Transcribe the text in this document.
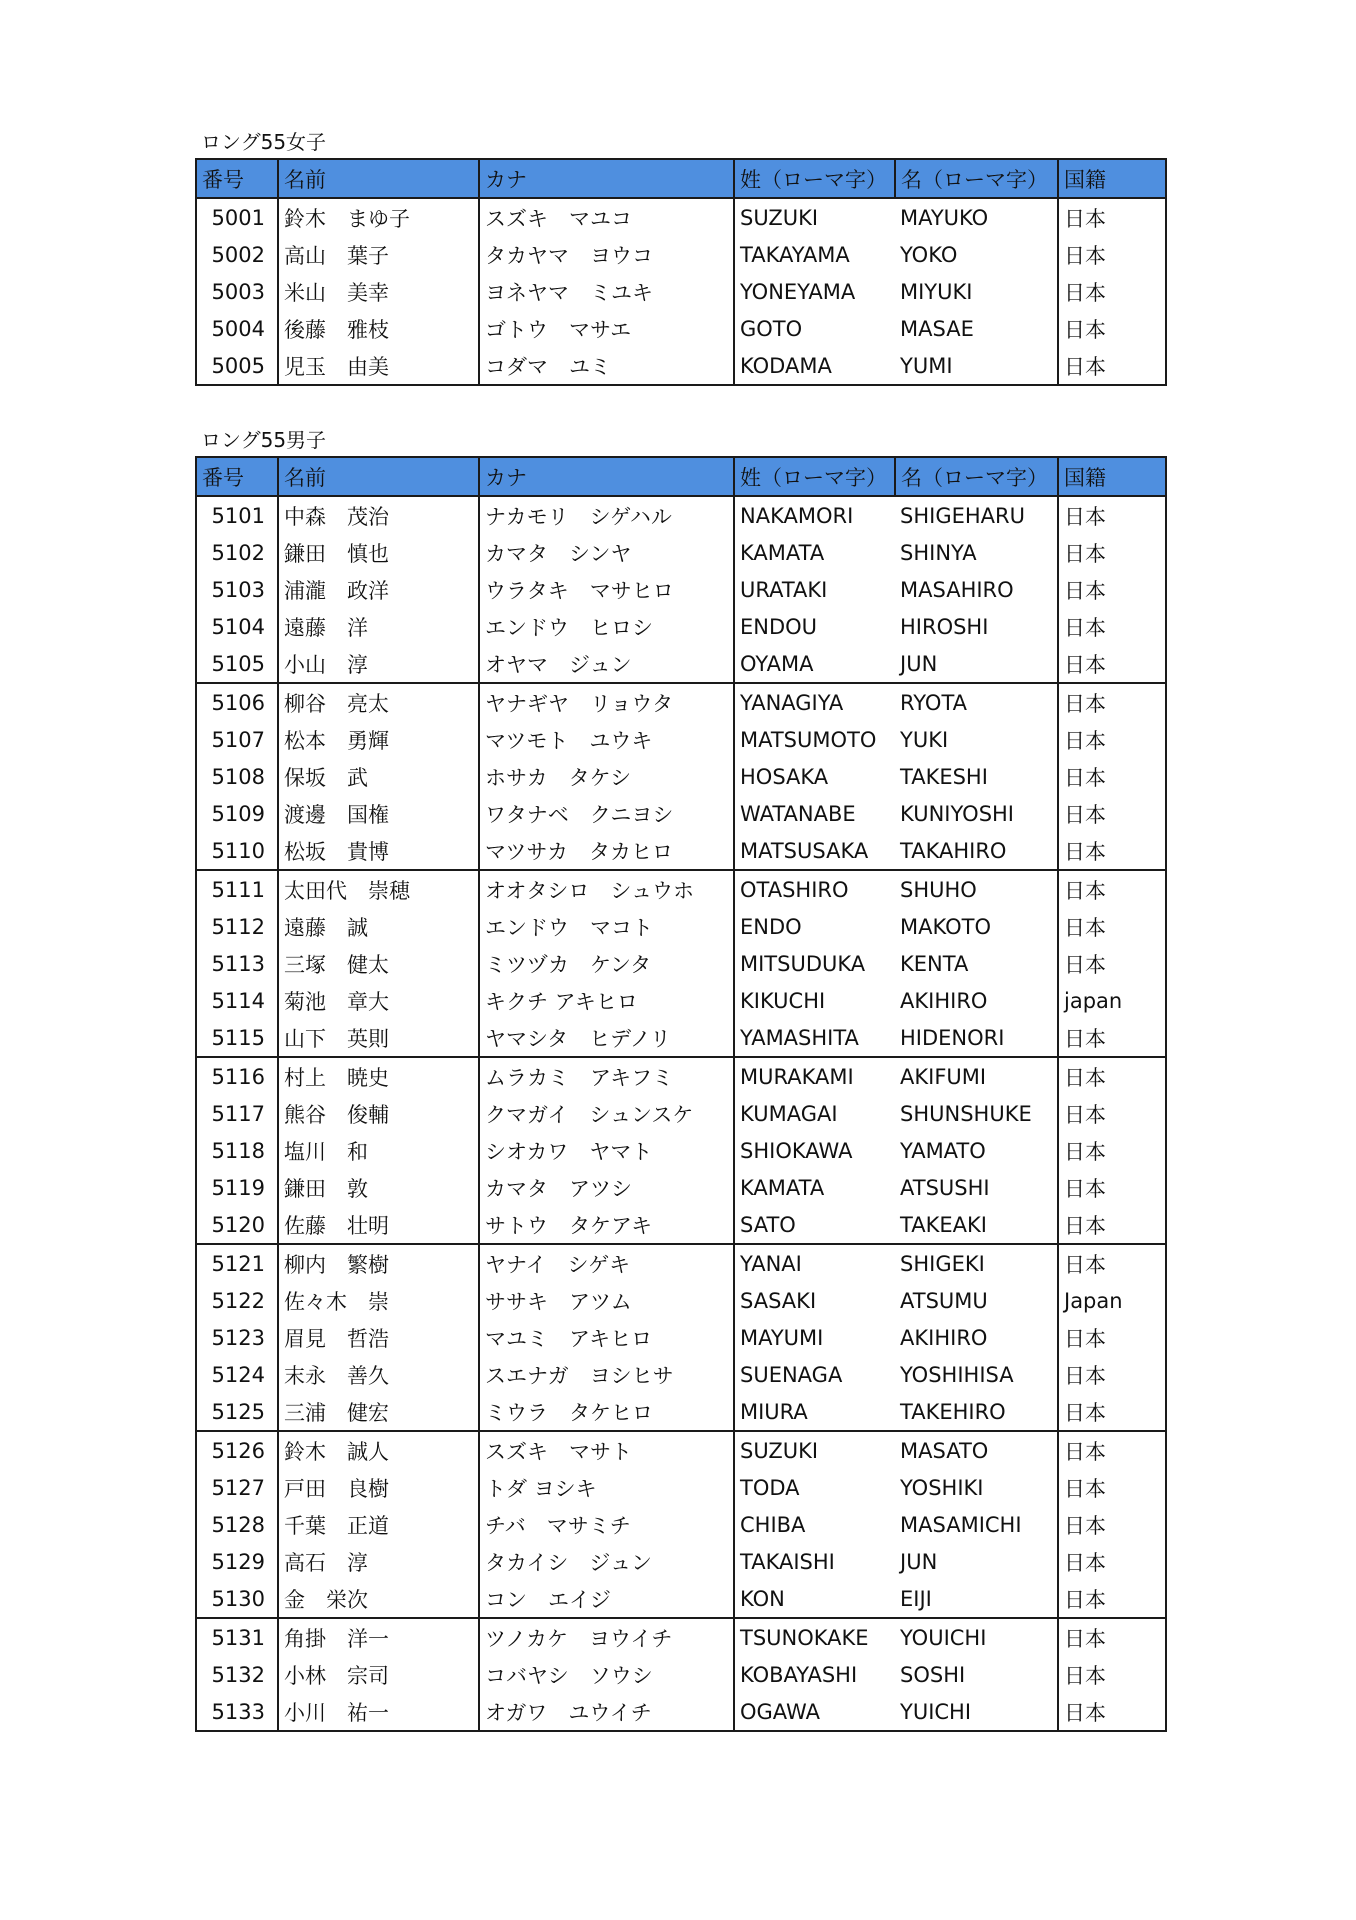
ロング55女子
番号	名前	カナ	姓（ローマ字）	名（ローマ字）	国籍
5001	鈴木　まゆ子	スズキ　マユコ	SUZUKI	MAYUKO	日本
5002	高山　葉子	タカヤマ　ヨウコ	TAKAYAMA	YOKO	日本
5003	米山　美幸	ヨネヤマ　ミユキ	YONEYAMA	MIYUKI	日本
5004	後藤　雅枝	ゴトウ　マサエ	GOTO	MASAE	日本
5005	児玉　由美	コダマ　ユミ	KODAMA	YUMI	日本
ロング55男子
番号	名前	カナ	姓（ローマ字）	名（ローマ字）	国籍
5101	中森　茂治	ナカモリ　シゲハル	NAKAMORI	SHIGEHARU	日本
5102	鎌田　慎也	カマタ　シンヤ	KAMATA	SHINYA	日本
5103	浦瀧　政洋	ウラタキ　マサヒロ	URATAKI	MASAHIRO	日本
5104	遠藤　洋	エンドウ　ヒロシ	ENDOU	HIROSHI	日本
5105	小山　淳	オヤマ　ジュン	OYAMA	JUN	日本
5106	柳谷　亮太	ヤナギヤ　リョウタ	YANAGIYA	RYOTA	日本
5107	松本　勇輝	マツモト　ユウキ	MATSUMOTO	YUKI	日本
5108	保坂　武	ホサカ　タケシ	HOSAKA	TAKESHI	日本
5109	渡邊　国権	ワタナベ　クニヨシ	WATANABE	KUNIYOSHI	日本
5110	松坂　貴博	マツサカ　タカヒロ	MATSUSAKA	TAKAHIRO	日本
5111	太田代　崇穂	オオタシロ　シュウホ	OTASHIRO	SHUHO	日本
5112	遠藤　誠	エンドウ　マコト	ENDO	MAKOTO	日本
5113	三塚　健太	ミツヅカ　ケンタ	MITSUDUKA	KENTA	日本
5114	菊池　章大	キクチ アキヒロ	KIKUCHI	AKIHIRO	japan
5115	山下　英則	ヤマシタ　ヒデノリ	YAMASHITA	HIDENORI	日本
5116	村上　暁史	ムラカミ　アキフミ	MURAKAMI	AKIFUMI	日本
5117	熊谷　俊輔	クマガイ　シュンスケ	KUMAGAI	SHUNSHUKE	日本
5118	塩川　和	シオカワ　ヤマト	SHIOKAWA	YAMATO	日本
5119	鎌田　敦	カマタ　アツシ	KAMATA	ATSUSHI	日本
5120	佐藤　壮明	サトウ　タケアキ	SATO	TAKEAKI	日本
5121	柳内　繁樹	ヤナイ　シゲキ	YANAI	SHIGEKI	日本
5122	佐々木　崇	ササキ　アツム	SASAKI	ATSUMU	Japan
5123	眉見　哲浩	マユミ　アキヒロ	MAYUMI	AKIHIRO	日本
5124	末永　善久	スエナガ　ヨシヒサ	SUENAGA	YOSHIHISA	日本
5125	三浦　健宏	ミウラ　タケヒロ	MIURA	TAKEHIRO	日本
5126	鈴木　誠人	スズキ　マサト	SUZUKI	MASATO	日本
5127	戸田　良樹	トダ ヨシキ	TODA	YOSHIKI	日本
5128	千葉　正道	チバ　マサミチ	CHIBA	MASAMICHI	日本
5129	高石　淳	タカイシ　ジュン	TAKAISHI	JUN	日本
5130	金　栄次	コン　エイジ	KON	EIJI	日本
5131	角掛　洋一	ツノカケ　ヨウイチ	TSUNOKAKE	YOUICHI	日本
5132	小林　宗司	コバヤシ　ソウシ	KOBAYASHI	SOSHI	日本
5133	小川　祐一	オガワ　ユウイチ	OGAWA	YUICHI	日本
